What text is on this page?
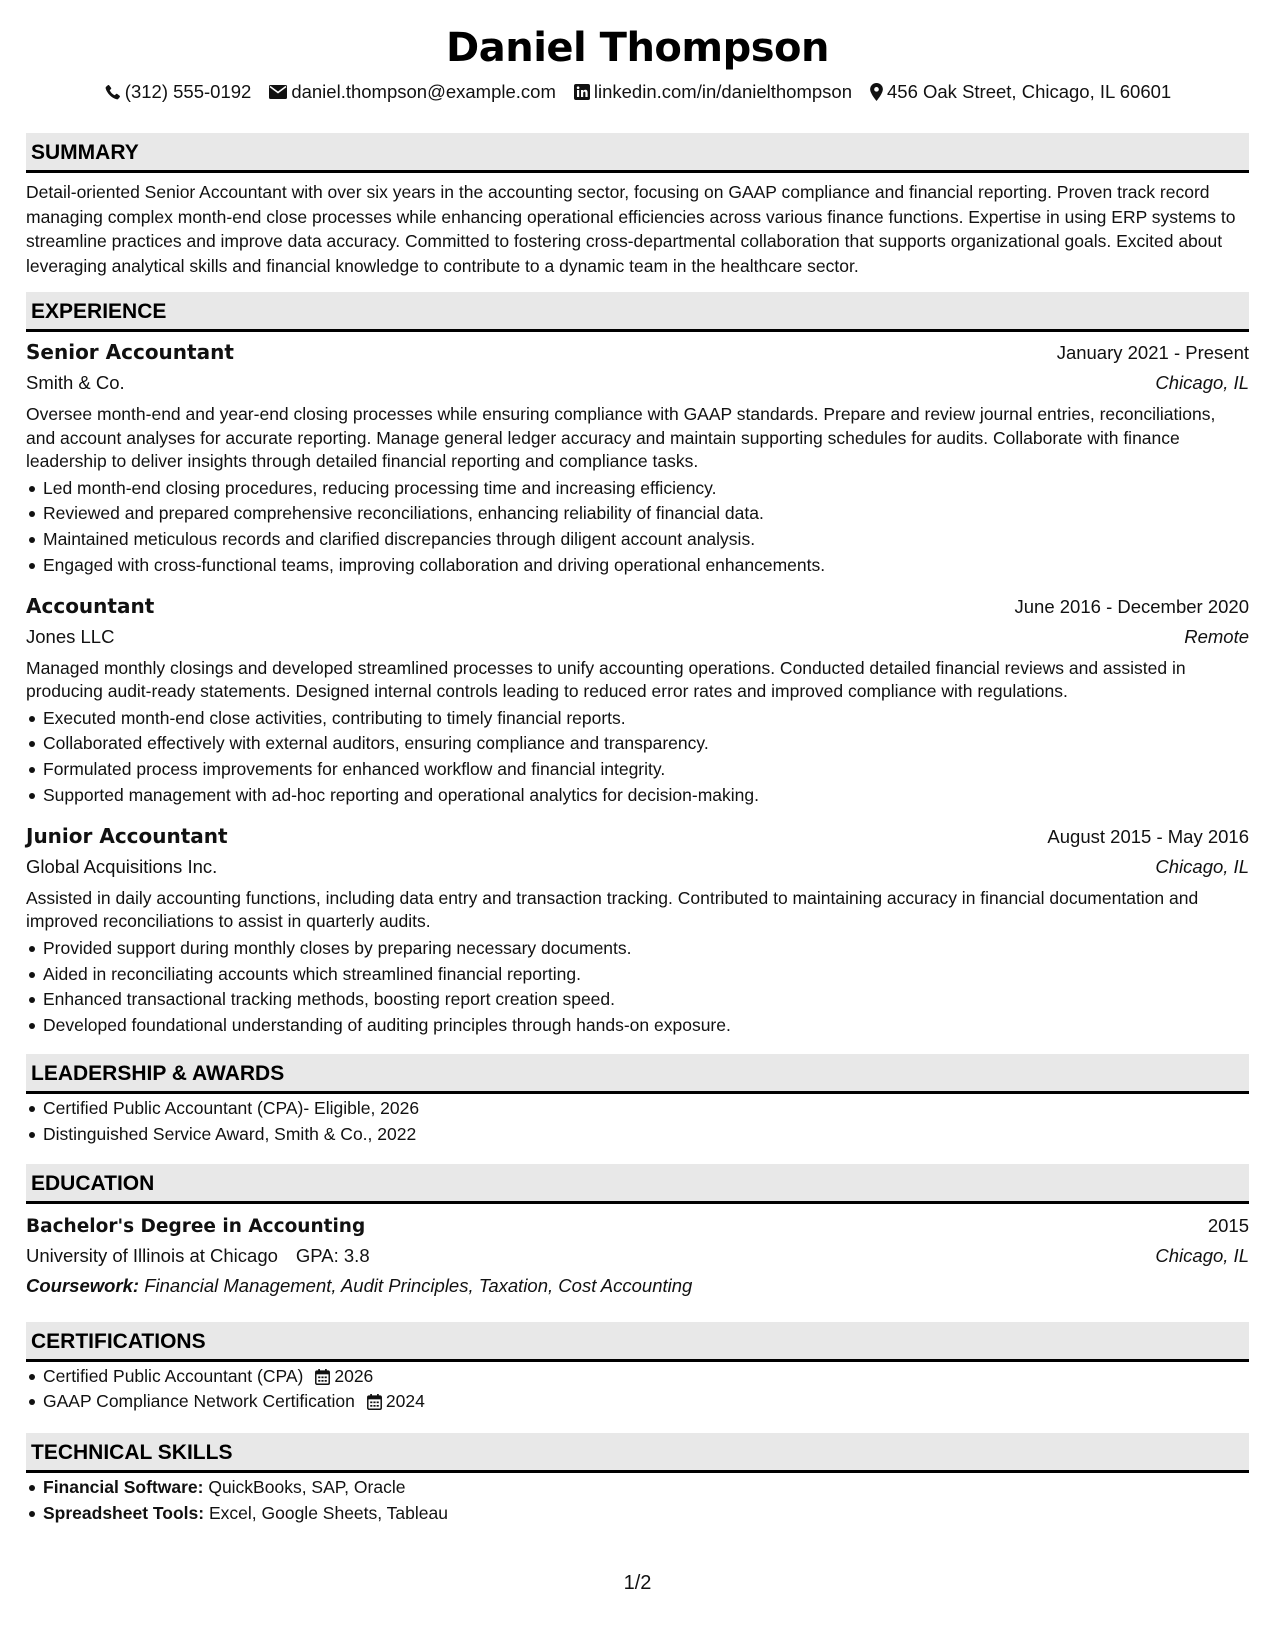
Daniel Thompson
(312) 555-0192 daniel.thompson@example.com linkedin.com/in/danielthompson 456 Oak Street, Chicago, IL 60601
SUMMARY
Detail-oriented Senior Accountant with over six years in the accounting sector, focusing on GAAP compliance and financial reporting. Proven track record managing complex month-end close processes while enhancing operational efficiencies across various finance functions. Expertise in using ERP systems to streamline practices and improve data accuracy. Committed to fostering cross-departmental collaboration that supports organizational goals. Excited about leveraging analytical skills and financial knowledge to contribute to a dynamic team in the healthcare sector.
EXPERIENCE
Senior Accountant	January 2021 - Present
Smith & Co.	Chicago, IL
Oversee month-end and year-end closing processes while ensuring compliance with GAAP standards. Prepare and review journal entries, reconciliations, and account analyses for accurate reporting. Manage general ledger accuracy and maintain supporting schedules for audits. Collaborate with finance leadership to deliver insights through detailed financial reporting and compliance tasks.
Led month-end closing procedures, reducing processing time and increasing efficiency.
Reviewed and prepared comprehensive reconciliations, enhancing reliability of financial data.
Maintained meticulous records and clarified discrepancies through diligent account analysis.
Engaged with cross-functional teams, improving collaboration and driving operational enhancements.
Accountant	June 2016 - December 2020
Jones LLC	Remote
Managed monthly closings and developed streamlined processes to unify accounting operations. Conducted detailed financial reviews and assisted in producing audit-ready statements. Designed internal controls leading to reduced error rates and improved compliance with regulations.
Executed month-end close activities, contributing to timely financial reports.
Collaborated effectively with external auditors, ensuring compliance and transparency.
Formulated process improvements for enhanced workflow and financial integrity.
Supported management with ad-hoc reporting and operational analytics for decision-making.
Junior Accountant	August 2015 - May 2016
Global Acquisitions Inc.	Chicago, IL
Assisted in daily accounting functions, including data entry and transaction tracking. Contributed to maintaining accuracy in financial documentation and improved reconciliations to assist in quarterly audits.
Provided support during monthly closes by preparing necessary documents.
Aided in reconciliating accounts which streamlined financial reporting.
Enhanced transactional tracking methods, boosting report creation speed.
Developed foundational understanding of auditing principles through hands-on exposure.
LEADERSHIP & AWARDS
Certified Public Accountant (CPA)- Eligible, 2026
Distinguished Service Award, Smith & Co., 2022
EDUCATION
Bachelor's Degree in Accounting	2015
University of Illinois at Chicago GPA: 3.8	Chicago, IL
Coursework: Financial Management, Audit Principles, Taxation, Cost Accounting
CERTIFICATIONS
Certified Public Accountant (CPA) 2026
GAAP Compliance Network Certification 2024
TECHNICAL SKILLS
Financial Software: QuickBooks, SAP, Oracle
Spreadsheet Tools: Excel, Google Sheets, Tableau
1/2
